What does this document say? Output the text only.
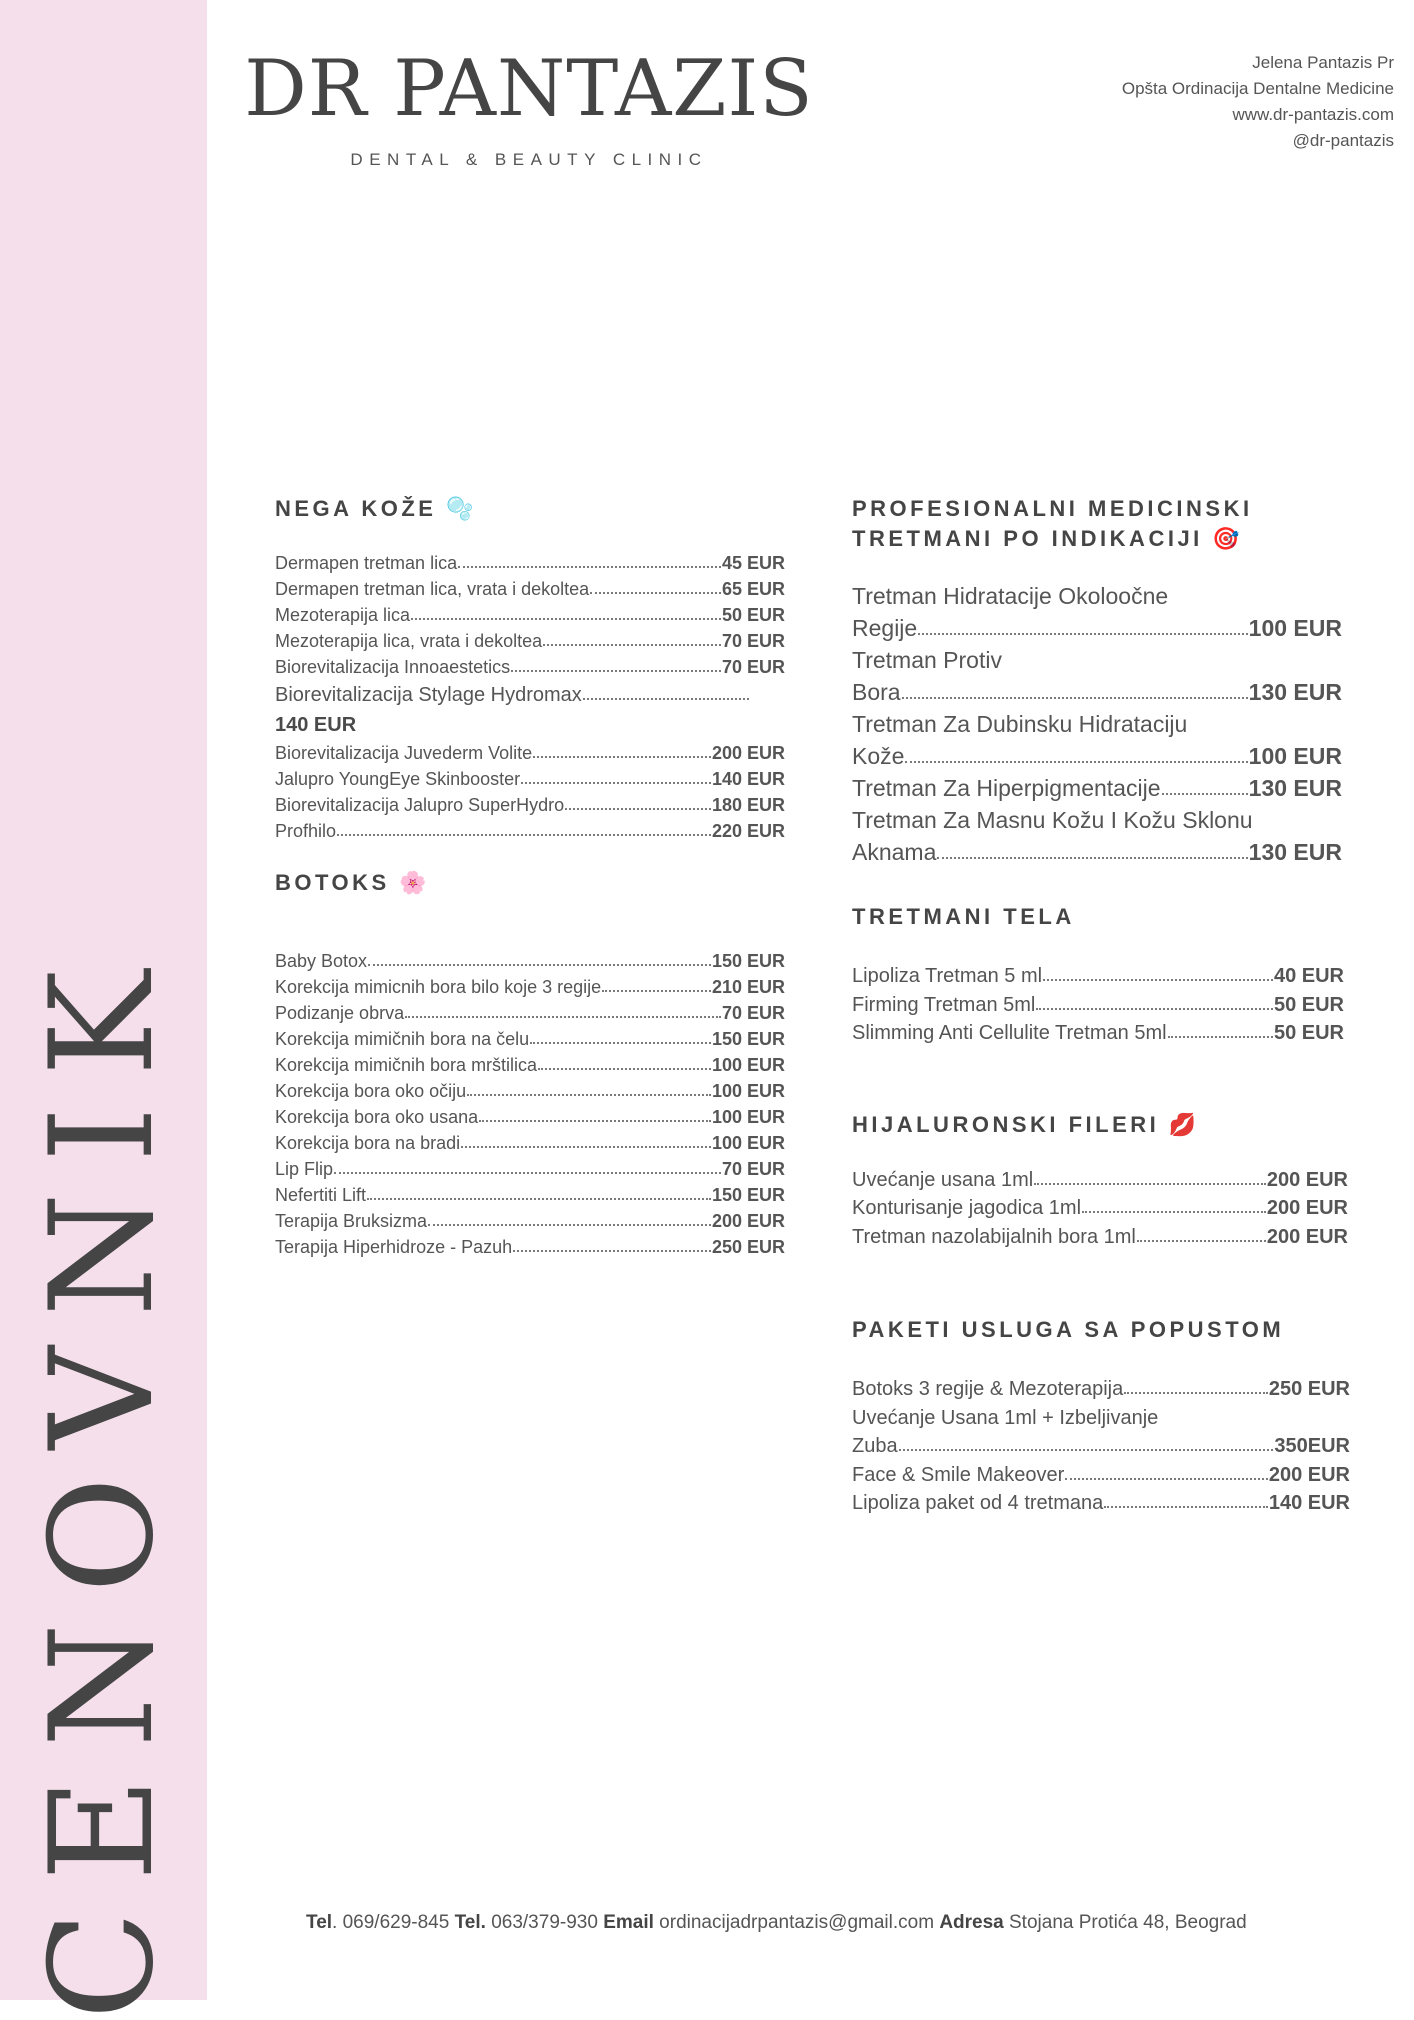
CENOVNIK
DR PANTAZIS
DENTAL & BEAUTY CLINIC
Jelena Pantazis Pr
Opšta Ordinacija Dentalne Medicine
www.dr-pantazis.com
@dr-pantazis
NEGA KOŽE 🫧
Dermapen tretman lica	45 EUR
Dermapen tretman lica, vrata i dekoltea	65 EUR
Mezoterapija lica	50 EUR
Mezoterapija lica, vrata i dekoltea	70 EUR
Biorevitalizacija Innoaestetics	70 EUR
Biorevitalizacija Stylage Hydromax
140 EUR
Biorevitalizacija Juvederm Volite	200 EUR
Jalupro YoungEye Skinbooster	140 EUR
Biorevitalizacija Jalupro SuperHydro	180 EUR
Profhilo	220 EUR
BOTOKS 🌸
Baby Botox	150 EUR
Korekcija mimicnih bora bilo koje 3 regije	210 EUR
Podizanje obrva	70 EUR
Korekcija mimičnih bora na čelu	150 EUR
Korekcija mimičnih bora mrštilica	100 EUR
Korekcija bora oko očiju	100 EUR
Korekcija bora oko usana	100 EUR
Korekcija bora na bradi	100 EUR
Lip Flip	70 EUR
Nefertiti Lift	150 EUR
Terapija Bruksizma	200 EUR
Terapija Hiperhidroze - Pazuh	250 EUR
PROFESIONALNI MEDICINSKI
TRETMANI PO INDIKACIJI 🎯
Tretman Hidratacije Okoloočne
Regije	100 EUR
Tretman Protiv
Bora	130 EUR
Tretman Za Dubinsku Hidrataciju
Kože	100 EUR
Tretman Za Hiperpigmentacije	130 EUR
Tretman Za Masnu Kožu I Kožu Sklonu
Aknama	130 EUR
TRETMANI TELA
Lipoliza Tretman 5 ml	40 EUR
Firming Tretman 5ml	50 EUR
Slimming Anti Cellulite Tretman 5ml	50 EUR
HIJALURONSKI FILERI 💋
Uvećanje usana 1ml	200 EUR
Konturisanje jagodica 1ml	200 EUR
Tretman nazolabijalnih bora 1ml	200 EUR
PAKETI USLUGA SA POPUSTOM
Botoks 3 regije & Mezoterapija	250 EUR
Uvećanje Usana 1ml + Izbeljivanje
Zuba	350EUR
Face & Smile Makeover	200 EUR
Lipoliza paket od 4 tretmana	140 EUR
Tel. 069/629-845 Tel. 063/379-930 Email ordinacijadrpantazis@gmail.com Adresa Stojana Protića 48, Beograd
